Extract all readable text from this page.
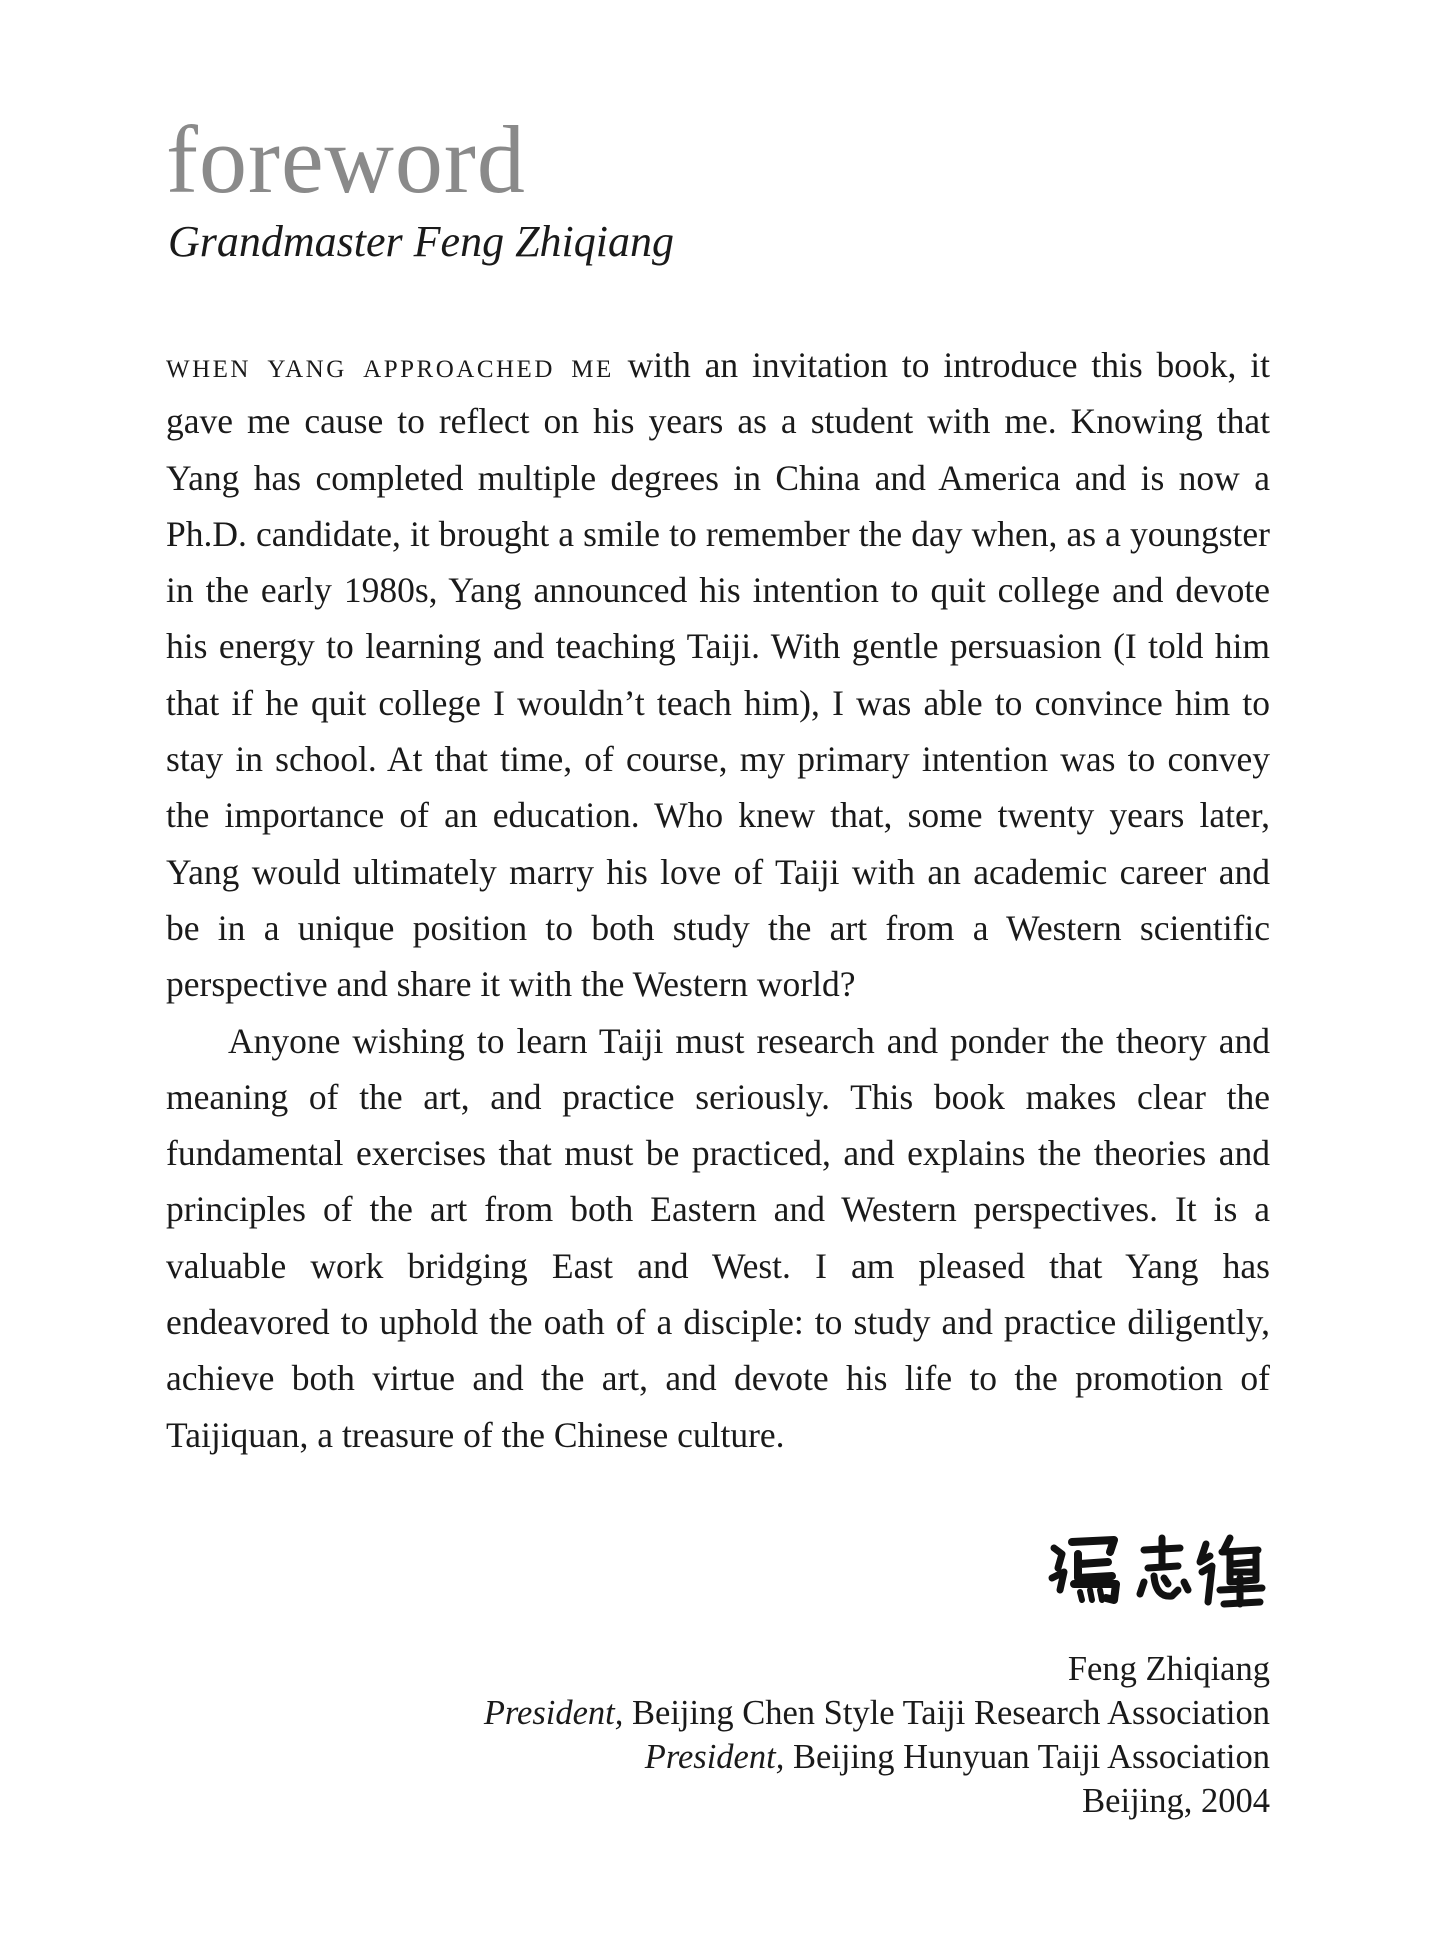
foreword
Grandmaster Feng Zhiqiang

when yang approached me with an invitation to introduce this book, it gave me cause to reflect on his years as a student with me. Knowing that Yang has completed multiple degrees in China and America and is now a Ph.D. candidate, it brought a smile to remember the day when, as a youngster in the early 1980s, Yang announced his intention to quit college and devote his energy to learning and teaching Taiji. With gentle persuasion (I told him that if he quit college I wouldn’t teach him), I was able to convince him to stay in school. At that time, of course, my primary intention was to convey the importance of an education. Who knew that, some twenty years later, Yang would ultimately marry his love of Taiji with an academic career and be in a unique position to both study the art from a Western scientific perspective and share it with the Western world?

Anyone wishing to learn Taiji must research and ponder the theory and meaning of the art, and practice seriously. This book makes clear the fundamental exercises that must be practiced, and explains the theories and principles of the art from both Eastern and Western perspectives. It is a valuable work bridging East and West. I am pleased that Yang has endeavored to uphold the oath of a disciple: to study and practice diligently, achieve both virtue and the art, and devote his life to the promotion of Taijiquan, a treasure of the Chinese culture.

Feng Zhiqiang
President, Beijing Chen Style Taiji Research Association
President, Beijing Hunyuan Taiji Association
Beijing, 2004
